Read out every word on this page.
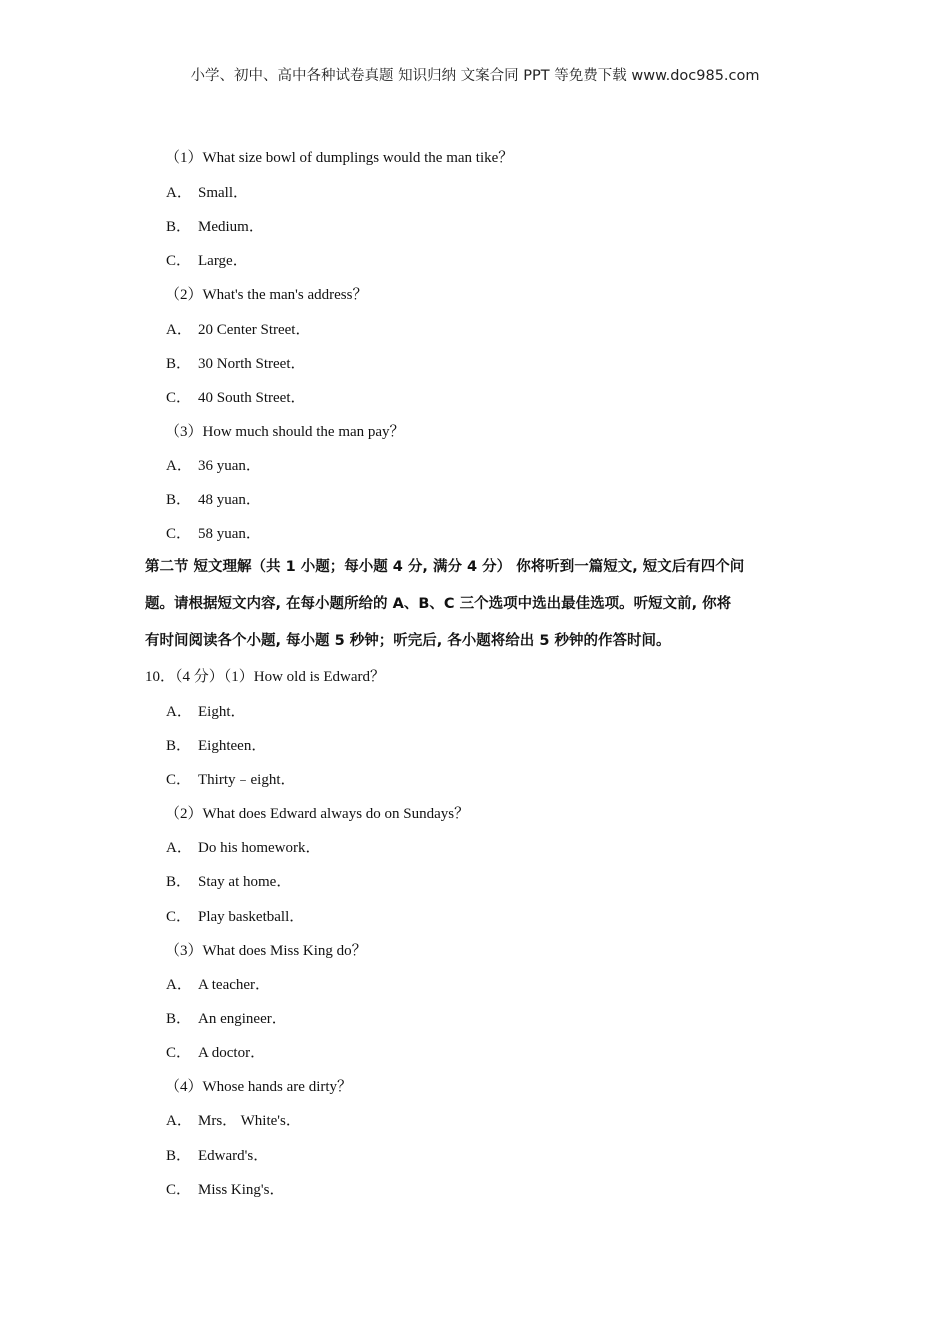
小学、初中、高中各种试卷真题 知识归纳 文案合同 PPT 等免费下载 www.doc985.com
（1）What size bowl of dumplings would the man tike？
A． Small．
B． Medium．
C． Large．
（2）What's the man's address？
A． 20 Center Street．
B． 30 North Street．
C． 40 South Street．
（3）How much should the man pay？
A． 36 yuan．
B． 48 yuan．
C． 58 yuan．
第二节 短文理解（共 1 小题；每小题 4 分, 满分 4 分） 你将听到一篇短文, 短文后有四个问
题。请根据短文内容, 在每小题所给的 A、B、C 三个选项中选出最佳选项。听短文前, 你将
有时间阅读各个小题, 每小题 5 秒钟；听完后, 各小题将给出 5 秒钟的作答时间。
10．（4 分）（1）How old is Edward？
A． Eight．
B． Eighteen．
C． Thirty﹣eight．
（2）What does Edward always do on Sundays？
A． Do his homework．
B． Stay at home．
C． Play basketball．
（3）What does Miss King do？
A． A teacher．
B． An engineer．
C． A doctor．
（4）Whose hands are dirty？
A． Mrs． White's．
B． Edward's．
C． Miss King's．
